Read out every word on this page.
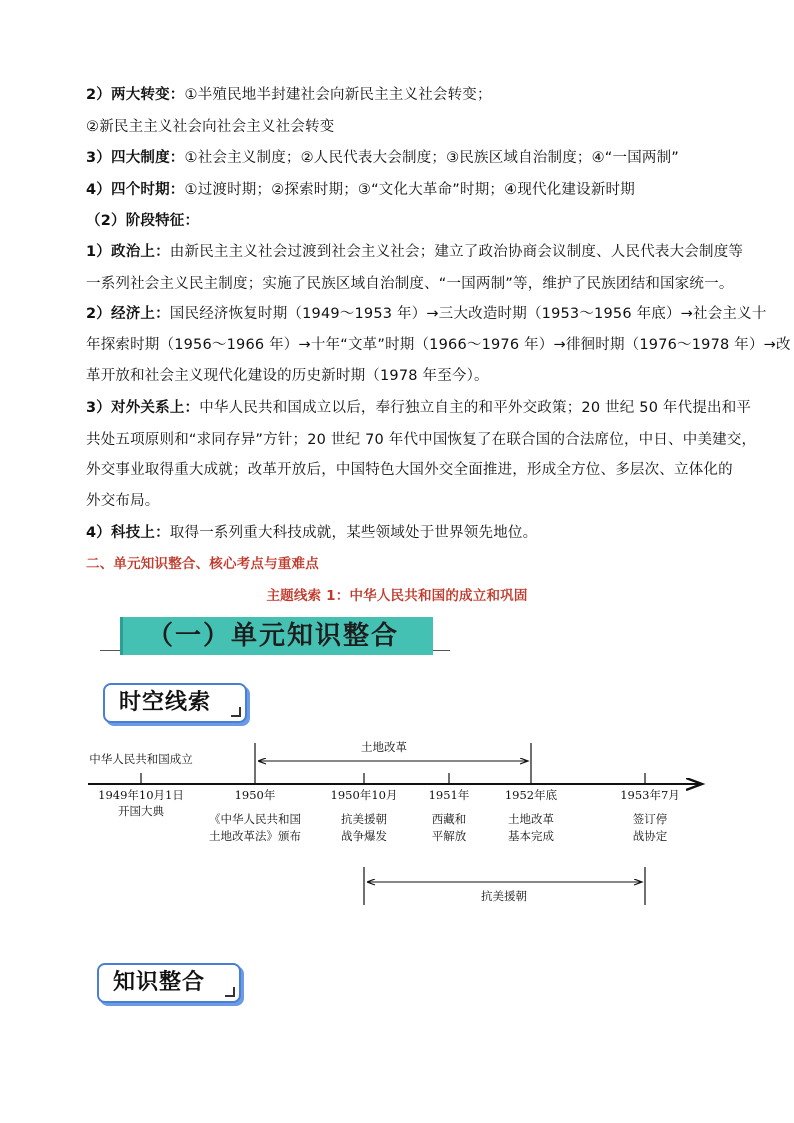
2）两大转变：①半殖民地半封建社会向新民主主义社会转变；
②新民主主义社会向社会主义社会转变
3）四大制度：①社会主义制度；②人民代表大会制度；③民族区域自治制度；④“一国两制”
4）四个时期：①过渡时期；②探索时期；③“文化大革命”时期；④现代化建设新时期
（2）阶段特征：
1）政治上：由新民主主义社会过渡到社会主义社会；建立了政治协商会议制度、人民代表大会制度等
一系列社会主义民主制度；实施了民族区域自治制度、“一国两制”等，维护了民族团结和国家统一。
2）经济上：国民经济恢复时期（1949～1953 年）→三大改造时期（1953～1956 年底）→社会主义十
年探索时期（1956～1966 年）→十年“文革”时期（1966～1976 年）→徘徊时期（1976～1978 年）→改
革开放和社会主义现代化建设的历史新时期（1978 年至今）。
3）对外关系上：中华人民共和国成立以后，奉行独立自主的和平外交政策；20 世纪 50 年代提出和平
共处五项原则和“求同存异”方针；20 世纪 70 年代中国恢复了在联合国的合法席位，中日、中美建交，
外交事业取得重大成就；改革开放后，中国特色大国外交全面推进，形成全方位、多层次、立体化的
外交布局。
4）科技上：取得一系列重大科技成就，某些领域处于世界领先地位。
二、单元知识整合、核心考点与重难点
主题线索 1：中华人民共和国的成立和巩固
（一）单元知识整合
时空线索
土地改革
中华人民共和国成立
1949年10月1日
开国大典
1950年
《中华人民共和国
土地改革法》颁布
1950年10月
抗美援朝
战争爆发
1951年
西藏和
平解放
1952年底
土地改革
基本完成
1953年7月
签订停
战协定
抗美援朝
知识整合
